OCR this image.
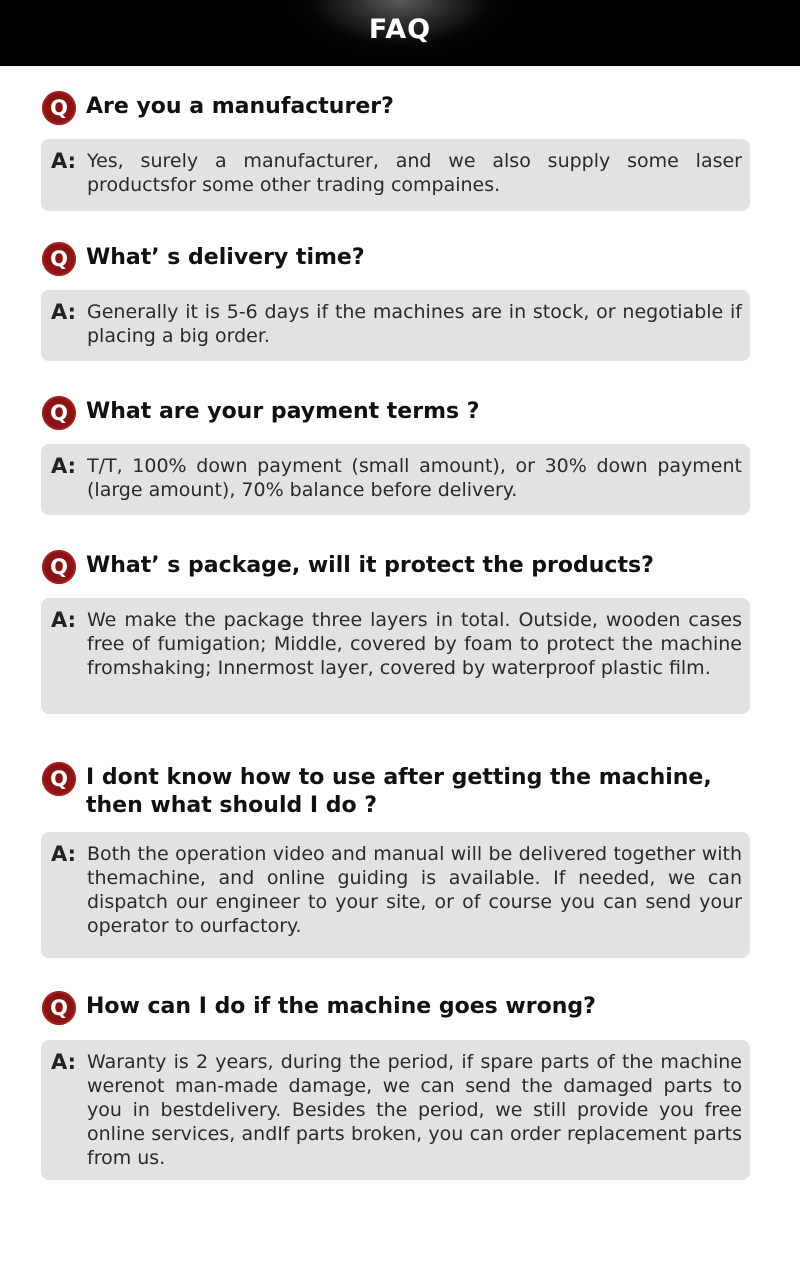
FAQ
Q Are you a manufacturer?
A: Yes, surely a manufacturer, and we also supply some laser productsfor some other trading compaines.
Q What’ s delivery time?
A: Generally it is 5-6 days if the machines are in stock, or negotiable if placing a big order.
Q What are your payment terms ?
A: T/T, 100% down payment (small amount), or 30% down payment (large amount), 70% balance before delivery.
Q What’ s package, will it protect the products?
A: We make the package three layers in total. Outside, wooden cases free of fumigation; Middle, covered by foam to protect the machine fromshaking; Innermost layer, covered by waterproof plastic film.
Q I dont know how to use after getting the machine, then what should I do ?
A: Both the operation video and manual will be delivered together with themachine, and online guiding is available. If needed, we can dispatch our engineer to your site, or of course you can send your operator to ourfactory.
Q How can I do if the machine goes wrong?
A: Waranty is 2 years, during the period, if spare parts of the machine werenot man-made damage, we can send the damaged parts to you in bestdelivery. Besides the period, we still provide you free online services, andIf parts broken, you can order replacement parts from us.
